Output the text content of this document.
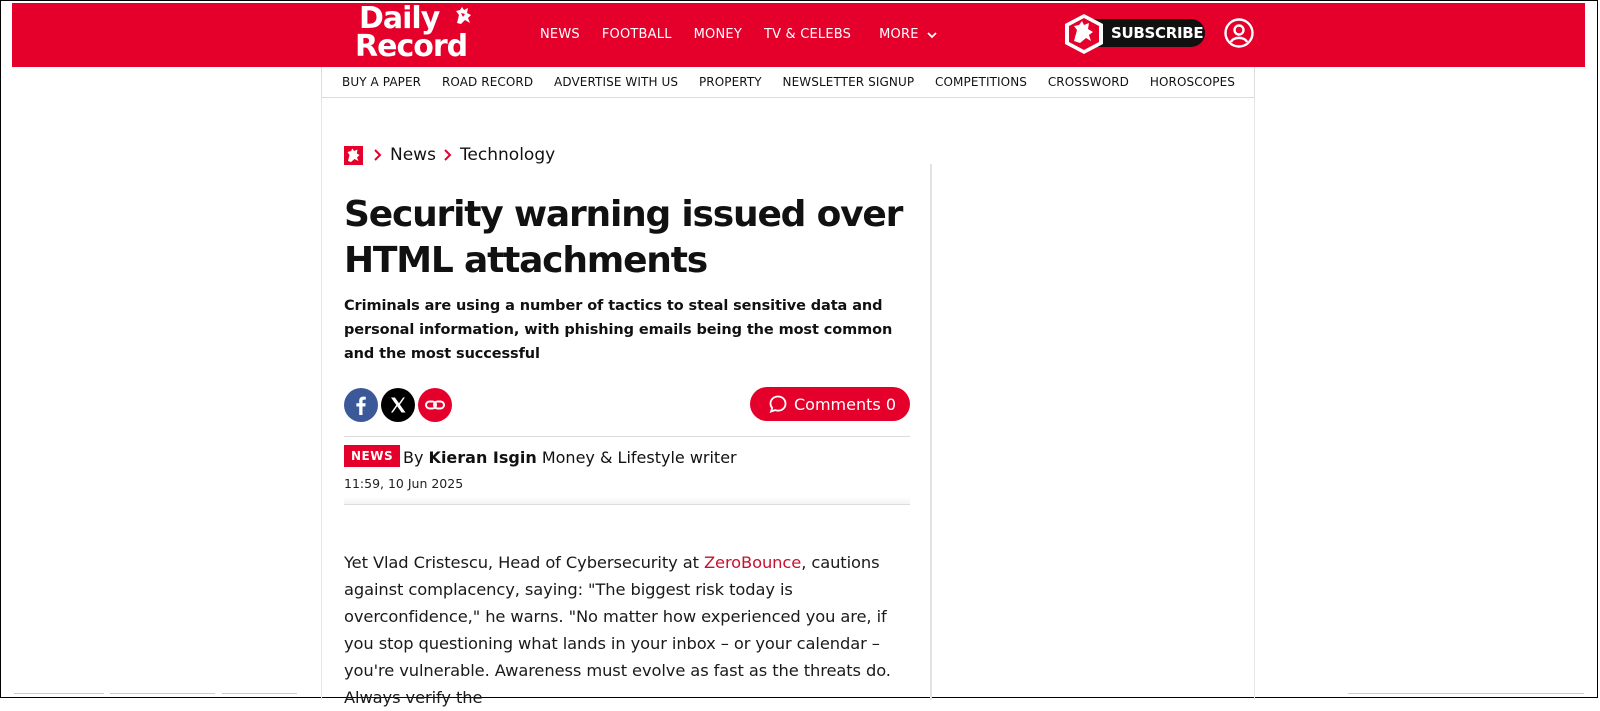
Daily
Record	NEWS FOOTBALL MONEY TV & CELEBS MORE	SUBSCRIBE
BUY A PAPER ROAD RECORD ADVERTISE WITH US PROPERTY NEWSLETTER SIGNUP COMPETITIONS CROSSWORD HOROSCOPES
News Technology
Security warning issued over HTML attachments

Criminals are using a number of tactics to steal sensitive data and personal information, with phishing emails being the most common and the most successful

Comments 0
NEWS By Kieran Isgin Money & Lifestyle writer
11:59, 10 Jun 2025

Yet Vlad Cristescu, Head of Cybersecurity at ZeroBounce, cautions against complacency, saying: "The biggest risk today is overconfidence," he warns. "No matter how experienced you are, if you stop questioning what lands in your inbox – or your calendar – you're vulnerable. Awareness must evolve as fast as the threats do. Always verify the
